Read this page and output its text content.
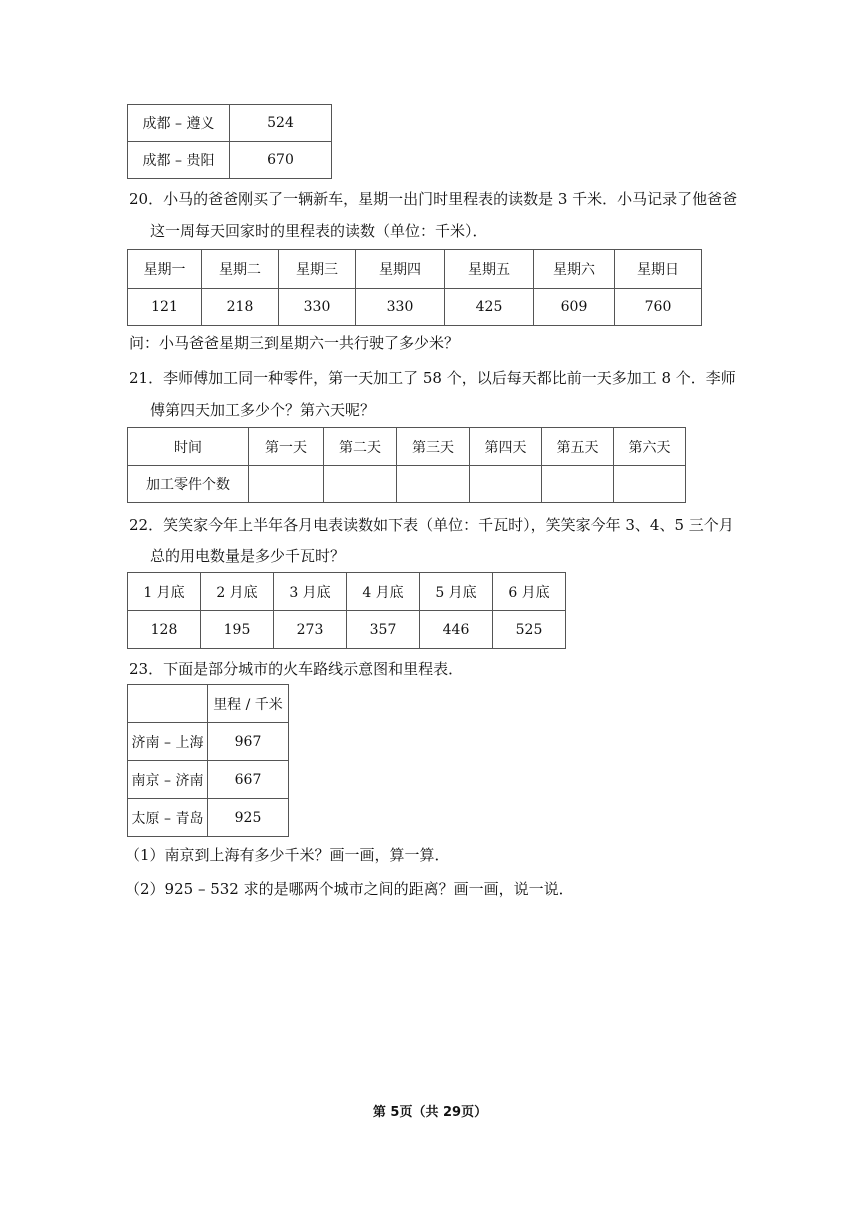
成都 – 遵义	524
成都 – 贵阳	670
20．小马的爸爸刚买了一辆新车，星期一出门时里程表的读数是 3 千米．小马记录了他爸爸
这一周每天回家时的里程表的读数（单位：千米）．
星期一	星期二	星期三	星期四	星期五	星期六	星期日
121	218	330	330	425	609	760
问：小马爸爸星期三到星期六一共行驶了多少米？
21．李师傅加工同一种零件，第一天加工了 58 个，以后每天都比前一天多加工 8 个．李师
傅第四天加工多少个？第六天呢？
时间	第一天	第二天	第三天	第四天	第五天	第六天
加工零件个数						
22．笑笑家今年上半年各月电表读数如下表（单位：千瓦时），笑笑家今年 3、4、5 三个月
总的用电数量是多少千瓦时？
1 月底	2 月底	3 月底	4 月底	5 月底	6 月底
128	195	273	357	446	525
23．下面是部分城市的火车路线示意图和里程表．
	里程 / 千米
济南 – 上海	967
南京 – 济南	667
太原 – 青岛	925
（1）南京到上海有多少千米？画一画，算一算．
（2）925 – 532 求的是哪两个城市之间的距离？画一画，说一说．
第 5页（共 29页）
